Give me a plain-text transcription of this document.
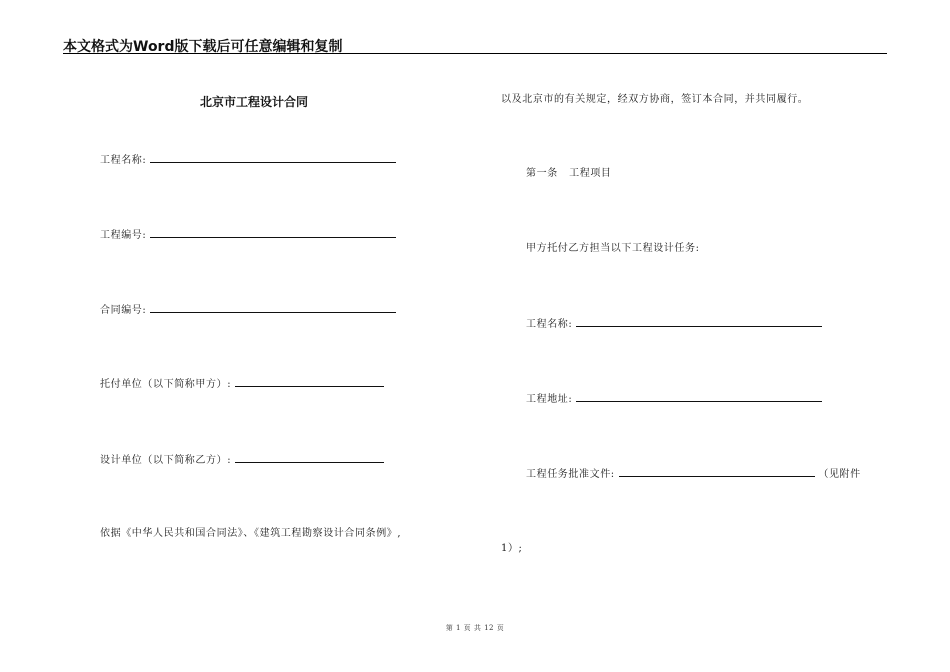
本文格式为Word版下载后可任意编辑和复制
北京市工程设计合同
工程名称:
工程编号:
合同编号:
托付单位（以下简称甲方）:
设计单位（以下简称乙方）:
依据《中华人民共和国合同法》、《建筑工程勘察设计合同条例》,
以及北京市的有关规定，经双方协商，签订本合同，并共同履行。
第一条   工程项目
甲方托付乙方担当以下工程设计任务:
工程名称:
工程地址:
工程任务批准文件:	（见附件
1）;
第 1 页 共 12 页
